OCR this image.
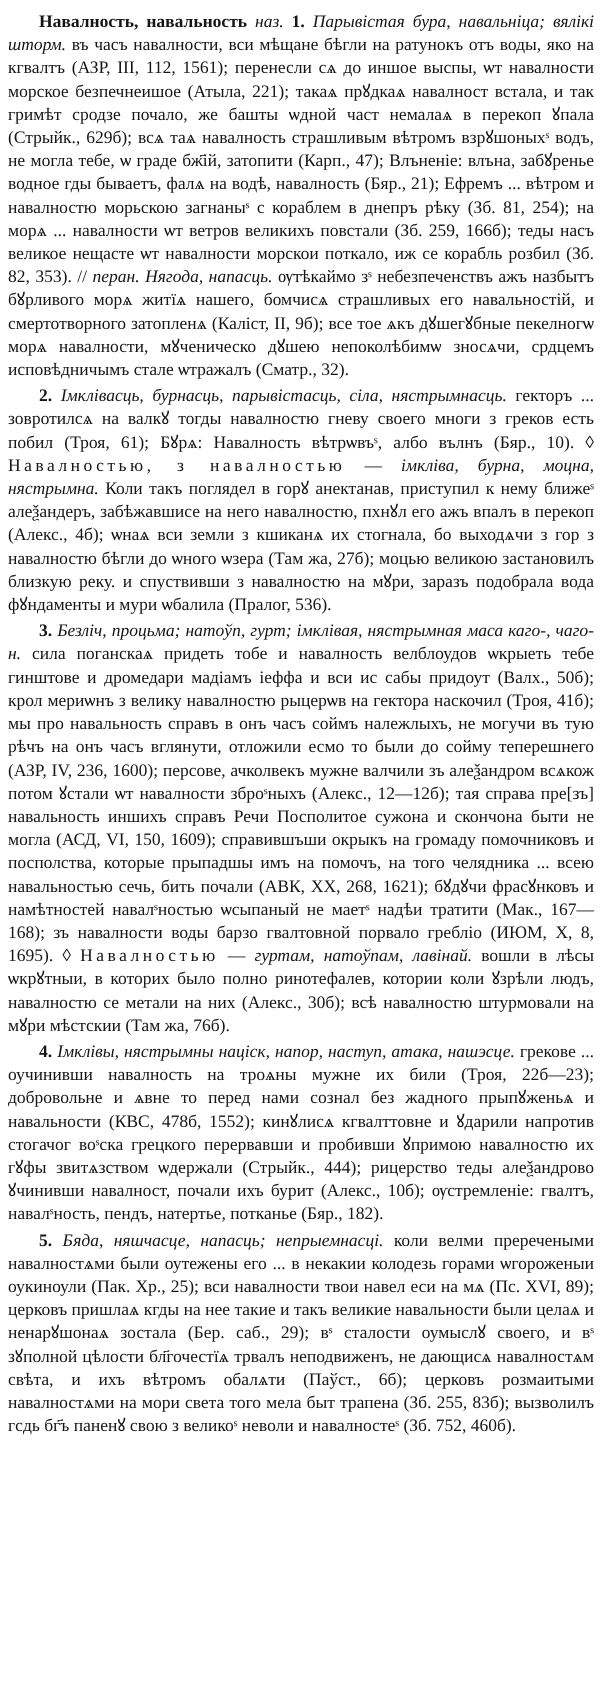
Навалность, навальность наз. 1. Парывістая бура, навальніца; вялікі шторм. въ часъ навалности, вси мѣщане бѣгли на ратунокъ отъ воды, яко на кгвалтъ (АЗР, III, 112, 1561); перенесли сѧ до иншое выспы, ѡт навалности морское безпечнеишое (Атыла, 221); такаѧ прꙋдкаѧ навалност встала, и так гримѣт сродзе почало, же башты ѡдной част немалаѧ в перекоп ꙋпала (Стрыйк., 629б); всѧ таѧ навалность страшливым вѣтромъ взрꙋшоныхˢ водъ, не могла тебе, ѡ граде бж҃ій, затопити (Карп., 47); Влъненіе: влъна, забꙋренье водное гды бываетъ, фалѧ на водѣ, навалность (Бяр., 21); Ефремъ ... вѣтром и навалностю морьскою загнаныˢ с кораблем в днепръ рѣку (Зб. 81, 254); на морѧ ... навалности ѡт ветров великихъ повстали (Зб. 259, 166б); теды насъ великое нещасте ѡт навалности морскои поткало, иж се корабль розбил (Зб. 82, 353). // перан. Нягода, напасць. ѹтѣкаймо зˢ небезпеченствъ ажъ назбытъ бꙋрливого морѧ житїѧ нашего, бомчисѧ страшливых его навальностій, и смертотворного затопленѧ (Каліст, II, 9б); все тое ѧкъ дꙋшегꙋбные пекелногѡ морѧ навалности, мꙋченическо дꙋшею непоколѣбимѡ зносѧчи, срдцемъ исповѣдничымъ стале ѡтражалъ (Сматр., 32).

2. Імклівасць, бурнасць, парывістасць, сіла, нястрымнасць. гекторъ ... зовротилсѧ на валкꙋ тогды навалностю гневу своего многи з греков есть побил (Троя, 61); Бꙋрѧ: Навалность вѣтрѡвъˢ, албо вълнъ (Бяр., 10). ◊ Навалностью, з навалностью — імкліва, бурна, моцна, нястрымна. Коли такъ поглядел в горꙋ анектанав, приступил к нему ближеˢ алеѯандеръ, забѣжавшисе на него навалностю, пхнꙋл его ажъ впалъ в перекоп (Алекс., 4б); ѡнаѧ вси земли з кшиканѧ их стогнала, бо выходѧчи з гор з навалностю бѣгли до ѡного ѡзера (Там жа, 27б); моцью великою застановилъ близкую реку. и спуствивши з навалностю на мꙋри, заразъ подобрала вода фꙋндаменты и мури ѡбалила (Пралог, 536).

3. Безліч, процьма; натоўп, гурт; імклівая, нястрымная маса каго-, чаго-н. сила поганскаѧ придеть тобе и навалность велблоудов ѡкрыеть тебе гинштове и дромедари мадіамъ іеффа и вси ис сабы придоут (Валх., 50б); крол мериѡнъ з велику навалностю рыцерѡв на гектора наскочил (Троя, 41б); мы про навальность справъ в онъ часъ соймъ належлыхъ, не могучи въ тую рѣчъ на онъ часъ вглянути, отложили есмо то были до сойму теперешнего (АЗР, IV, 236, 1600); персове, ачколвекъ мужне валчили зъ алеѯандром всѧкож потом ꙋстали ѡт навалности зброˢныхъ (Алекс., 12—12б); тая справа пре[зъ] навальность иншихъ справъ Речи Посполитое сужона и скончона быти не могла (АСД, VI, 150, 1609); справившъши окрыкъ на громаду помочниковъ и посполства, которые прыпадшы имъ на помочъ, на того челядника ... всею навальностью сечь, бить почали (АВК, XX, 268, 1621); бꙋдꙋчи фрасꙋнковъ и намѣтностей навалˢностью ѡсыпаный не маетˢ надѣи тратити (Мак., 167—168); зъ навалности воды барзо гвалтовной порвало гребліо (ИЮМ, X, 8, 1695). ◊ Навалностью — гуртам, натоўпам, лавінай. вошли в лѣсы ѡкрꙋтныи, в которих было полно ринотефалев, котории коли ꙋзрѣли людъ, навалностю се метали на них (Алекс., 30б); всѣ навалностю штурмовали на мꙋри мѣстскии (Там жа, 76б).

4. Імклівы, нястрымны націск, напор, наступ, атака, нашэсце. грекове ... оучинивши навалность на троѧны мужне их били (Троя, 22б—23); добровольне и ѧвне то перед нами сознал без жадного прыпꙋженьѧ и навальности (КВС, 478б, 1552); кинꙋлисѧ кгвалттовне и ꙋдарили напротив стогачог воˢска грецкого перервавши и пробивши ꙋпримою навалностю их гꙋфы звитѧзством ѡдержали (Стрыйк., 444); рицерство теды алеѯандрово ꙋчинивши навалност, почали ихъ бурит (Алекс., 10б); ѹстремленіе: гвалтъ, навалˢность, пендъ, натертье, потканье (Бяр., 182).

5. Бяда, няшчасце, напасць; непрыемнасці. коли велми преречеными навалностѧми были оутежены его ... в некакии колодезь горами ѡгороженыи оукиноули (Пак. Хр., 25); вси навалности твои навел еси на мѧ (Пс. XVI, 89); церковъ пришлаѧ кгды на нее такие и такъ великие навальности были целаѧ и ненарꙋшонаѧ зостала (Бер. саб., 29); вˢ сталости оумыслꙋ своего, и вˢ зꙋполной цѣлости бл҃гочестїѧ трвалъ неподвиженъ, не дающисѧ навалностѧм свѣта, и ихъ вѣтромъ обалѧти (Паўст., 6б); церковъ розмаитыми навалностѧми на мори света того мела быт трапена (Зб. 255, 83б); вызволилъ гсдь бг҃ъ паненꙋ свою з великоˢ неволи и навалностеˢ (Зб. 752, 460б).
